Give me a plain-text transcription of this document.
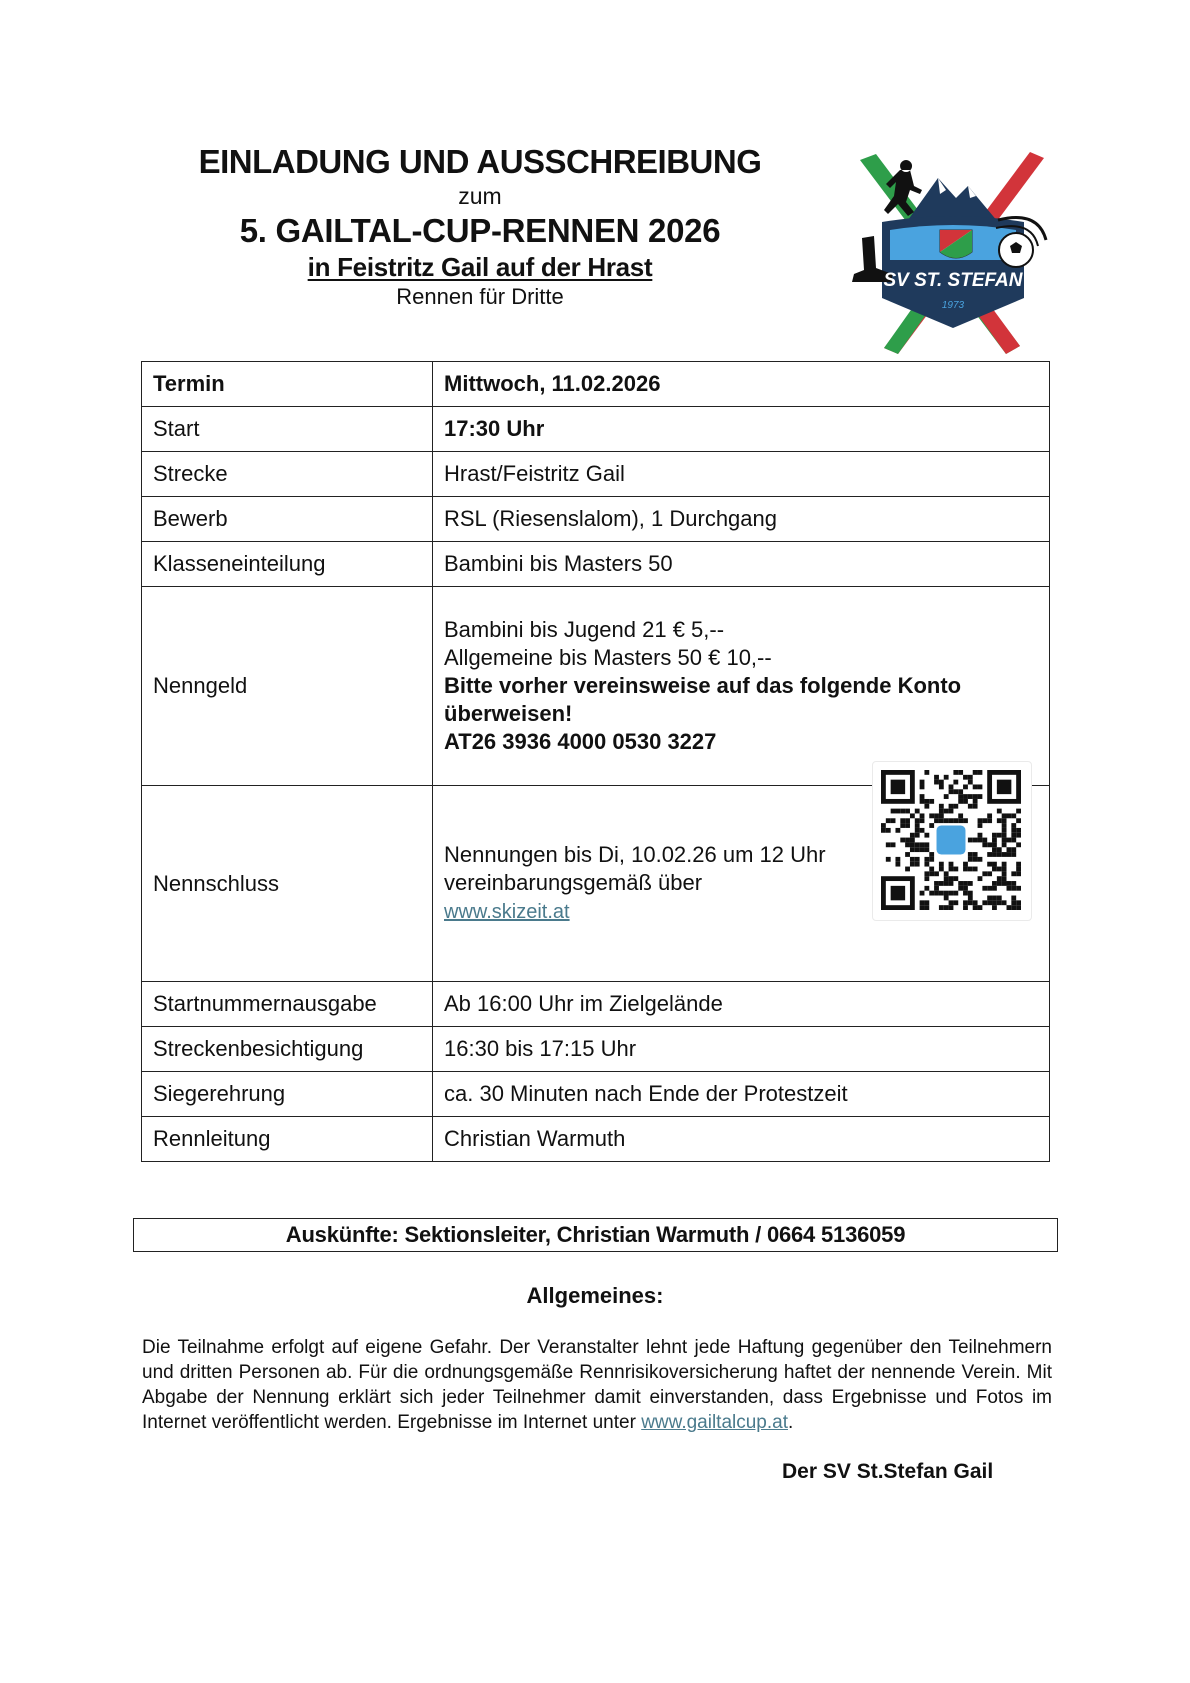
EINLADUNG UND AUSSCHREIBUNG
zum
5. GAILTAL-CUP-RENNEN 2026
in Feistritz Gail auf der Hrast
Rennen für Dritte
SV ST. STEFAN
1973
Termin	Mittwoch, 11.02.2026
Start	17:30 Uhr
Strecke	Hrast/Feistritz Gail
Bewerb	RSL (Riesenslalom), 1 Durchgang
Klasseneinteilung	Bambini bis Masters 50
Nenngeld	Bambini bis Jugend 21 € 5,--
Allgemeine bis Masters 50 € 10,--
Bitte vorher vereinsweise auf das folgende Konto überweisen!
AT26 3936 4000 0530 3227

Nennschluss	Nennungen bis Di, 10.02.26 um 12 Uhr
vereinbarungsgemäß über
www.skizeit.at

Startnummernausgabe	Ab 16:00 Uhr im Zielgelände
Streckenbesichtigung	16:30 bis 17:15 Uhr
Siegerehrung	ca. 30 Minuten nach Ende der Protestzeit
Rennleitung	Christian Warmuth
Auskünfte: Sektionsleiter, Christian Warmuth / 0664 5136059
Allgemeines:
Die Teilnahme erfolgt auf eigene Gefahr. Der Veranstalter lehnt jede Haftung gegenüber den Teilnehmern und dritten Personen ab. Für die ordnungsgemäße Rennrisikoversicherung haftet der nennende Verein. Mit Abgabe der Nennung erklärt sich jeder Teilnehmer damit einverstanden, dass Ergebnisse und Fotos im Internet veröffentlicht werden. Ergebnisse im Internet unter www.gailtalcup.at.
Der SV St.Stefan Gail
